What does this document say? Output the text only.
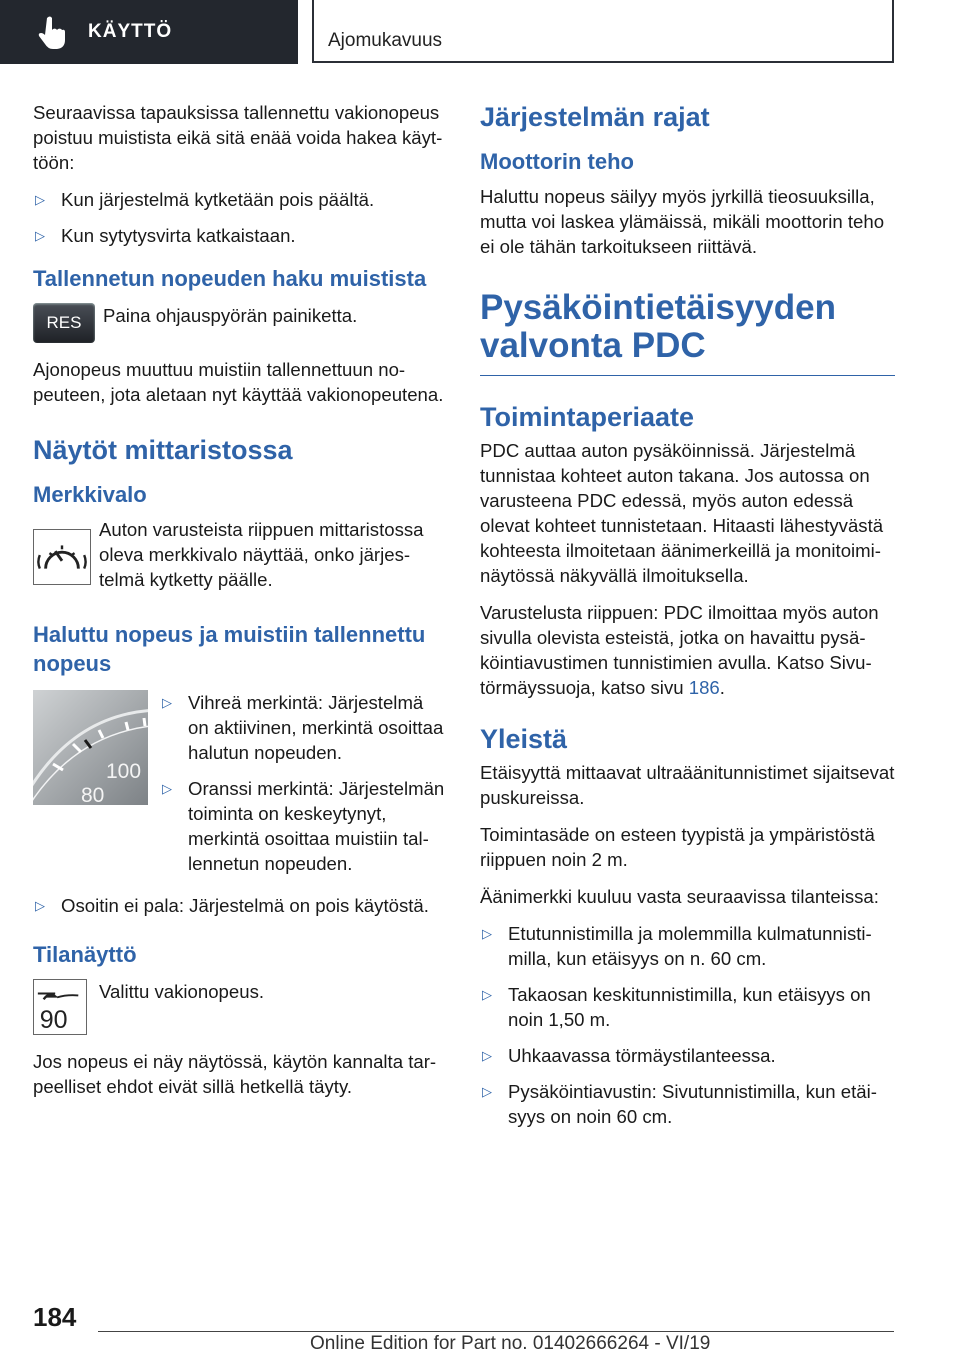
KÄYTTÖ	Ajomukavuus

Seuraavissa tapauksissa tallennettu vakionopeus poistuu muistista eikä sitä enää voida hakea käyttöön:

▷ Kun järjestelmä kytketään pois päältä.
▷ Kun sytytysvirta katkaistaan.
Tallennetun nopeuden haku muistista
RES	Paina ohjauspyörän painiketta.

Ajonopeus muuttuu muistiin tallennettuun nopeuteen, jota aletaan nyt käyttää vakionopeutena.

Näytöt mittaristossa
Merkkivalo

Auton varusteista riippuen mittaristossa oleva merkkivalo näyttää, onko järjestelmä kytketty päälle.

Haluttu nopeus ja muistiin tallennettu nopeus
100
80
▷ Vihreä merkintä: Järjestelmä on aktiivinen, merkintä osoittaa halutun nopeuden.
▷ Oranssi merkintä: Järjestelmän toiminta on keskeytynyt, merkintä osoittaa muistiin tallennetun nopeuden.
▷ Osoitin ei pala: Järjestelmä on pois käytöstä.
Tilanäyttö
90

Valittu vakionopeus.

Jos nopeus ei näy näytössä, käytön kannalta tarpeelliset ehdot eivät sillä hetkellä täyty.

Järjestelmän rajat
Moottorin teho

Haluttu nopeus säilyy myös jyrkillä tieosuuksilla, mutta voi laskea ylämäissä, mikäli moottorin teho ei ole tähän tarkoitukseen riittävä.

Pysäköintietäisyyden valvonta PDC
Toimintaperiaate

PDC auttaa auton pysäköinnissä. Järjestelmä tunnistaa kohteet auton takana. Jos autossa on varusteena PDC edessä, myös auton edessä olevat kohteet tunnistetaan. Hitaasti lähestyvästä kohteesta ilmoitetaan äänimerkeillä ja monitoiminäytössä näkyvällä ilmoituksella.

Varustelusta riippuen: PDC ilmoittaa myös auton sivulla olevista esteistä, jotka on havaittu pysäköintiavustimen tunnistimien avulla. Katso Sivutörmäyssuoja, katso sivu 186.

Yleistä

Etäisyyttä mittaavat ultraäänitunnistimet sijaitsevat puskureissa.

Toimintasäde on esteen tyypistä ja ympäristöstä riippuen noin 2 m.

Äänimerkki kuuluu vasta seuraavissa tilanteissa:

▷ Etutunnistimilla ja molemmilla kulmatunnistimilla, kun etäisyys on n. 60 cm.
▷ Takaosan keskitunnistimilla, kun etäisyys on noin 1,50 m.
▷ Uhkaavassa törmäystilanteessa.
▷ Pysäköintiavustin: Sivutunnistimilla, kun etäisyys on noin 60 cm.
184
Online Edition for Part no. 01402666264 - VI/19
